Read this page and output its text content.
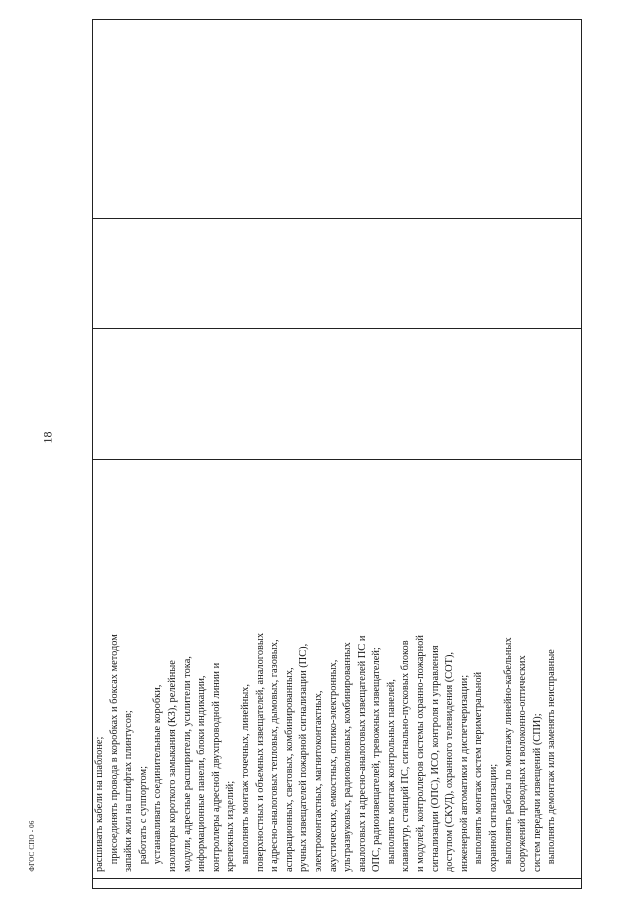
18

расшивать кабели на шаблоне; присоединять провода в коробках и боксах методом запайки жил на штифтах плинтусов; работать с суппортом; устанавливать соединительные коробки, изоляторы короткого замыкания (КЗ), релейные модули, адресные расширители, усилители тока, информационные панели, блоки индикации, контроллеры адресной двухпроводной линии и крепежных изделий; выполнять монтаж точечных, линейных, поверхностных и объемных извещателей, аналоговых и адресно-аналоговых тепловых, дымовых, газовых, аспирационных, световых, комбинированных, ручных извещателей пожарной сигнализации (ПС), электроконтактных, магнитоконтактных, акустических, емкостных, оптико-электронных, ультразвуковых, радиоволновых, комбинированных аналоговых и адресно-аналоговых извещателей ПС и ОПС, радиоизвещателей, тревожных извещателей; выполнять монтаж контрольных панелей, клавиатур, станций ПС, сигнально-пусковых блоков и модулей, контроллеров системы охранно-пожарной сигнализации (ОПС), ИСО, контроля и управления доступом (СКУД), охранного телевидения (СОТ), инженерной автоматики и диспетчеризации; выполнять монтаж систем периметральной охранной сигнализации; выполнять работы по монтажу линейно-кабельных сооружений проводных и волоконно-оптических систем передачи извещений (СПИ); выполнять демонтаж или заменять неисправные

ФГОС СПО - 06
